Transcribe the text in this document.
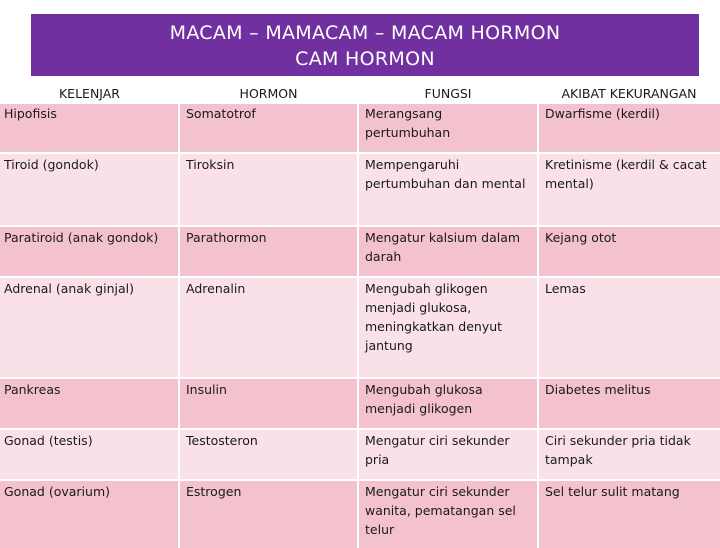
MACAM – MAMACAM – MACAM HORMON
CAM HORMON
KELENJAR	HORMON	FUNGSI	AKIBAT KEKURANGAN
Hipofisis	Somatotrof	Merangsang pertumbuhan	Dwarfisme (kerdil)
Tiroid (gondok)	Tiroksin	Mempengaruhi pertumbuhan dan mental	Kretinisme (kerdil & cacat mental)
Paratiroid (anak gondok)	Parathormon	Mengatur kalsium dalam darah	Kejang otot
Adrenal (anak ginjal)	Adrenalin	Mengubah glikogen menjadi glukosa, meningkatkan denyut jantung	Lemas
Pankreas	Insulin	Mengubah glukosa menjadi glikogen	Diabetes melitus
Gonad (testis)	Testosteron	Mengatur ciri sekunder pria	Ciri sekunder pria tidak tampak
Gonad (ovarium)	Estrogen	Mengatur ciri sekunder wanita, pematangan sel telur	Sel telur sulit matang
